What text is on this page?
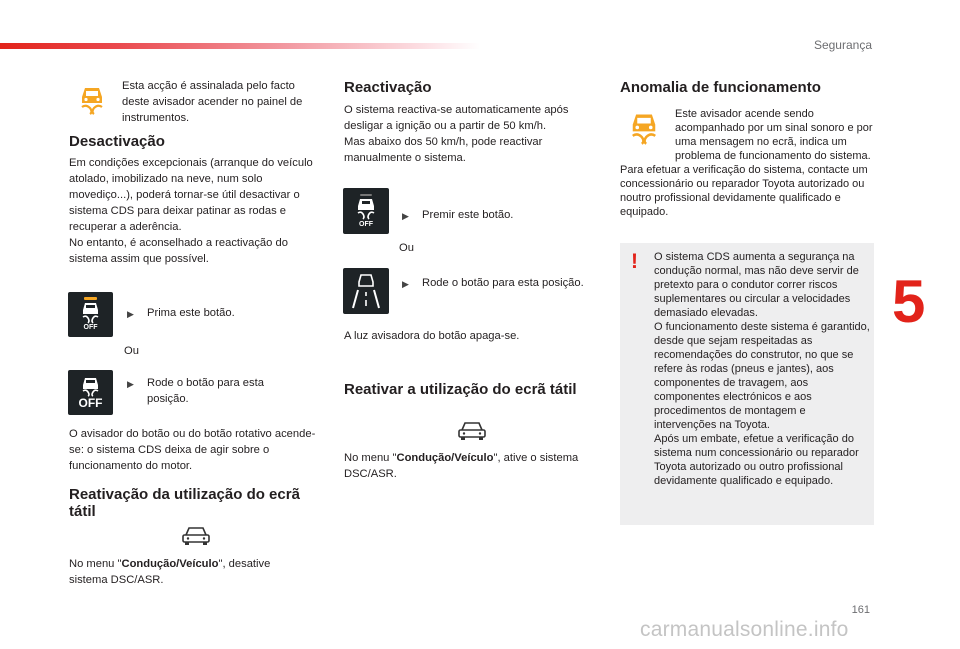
Segurança
5
Esta acção é assinalada pelo facto deste avisador acender no painel de instrumentos.
Desactivação
Em condições excepcionais (arranque do veículo atolado, imobilizado na neve, num solo movediço...), poderá tornar-se útil desactivar o sistema CDS para deixar patinar as rodas e recuperar a aderência.
No entanto, é aconselhado a reactivação do sistema assim que possível.
OFF
▶	Prima este botão.
Ou
OFF
▶	Rode o botão para esta posição.
O avisador do botão ou do botão rotativo acende-se: o sistema CDS deixa de agir sobre o funcionamento do motor.
Reativação da utilização do ecrã tátil
No menu "Condução/Veículo", desative sistema DSC/ASR.
Reactivação
O sistema reactiva-se automaticamente após desligar a ignição ou a partir de 50 km/h.
Mas abaixo dos 50 km/h, pode reactivar manualmente o sistema.
OFF
▶	Premir este botão.
Ou
▶	Rode o botão para esta posição.
A luz avisadora do botão apaga-se.
Reativar a utilização do ecrã tátil
No menu "Condução/Veículo", ative o sistema DSC/ASR.
Anomalia de funcionamento
Este avisador acende sendo acompanhado por um sinal sonoro e por uma mensagem no ecrã, indica um problema de funcionamento do sistema.
Para efetuar a verificação do sistema, contacte um concessionário ou reparador Toyota autorizado ou noutro profissional devidamente qualificado e equipado.
! O sistema CDS aumenta a segurança na condução normal, mas não deve servir de pretexto para o condutor correr riscos suplementares ou circular a velocidades demasiado elevadas.
O funcionamento deste sistema é garantido, desde que sejam respeitadas as recomendações do construtor, no que se refere às rodas (pneus e jantes), aos componentes de travagem, aos componentes electrónicos e aos procedimentos de montagem e intervenções na Toyota.
Após um embate, efetue a verificação do sistema num concessionário ou reparador Toyota autorizado ou outro profissional devidamente qualificado e equipado.
161
carmanualsonline.info
